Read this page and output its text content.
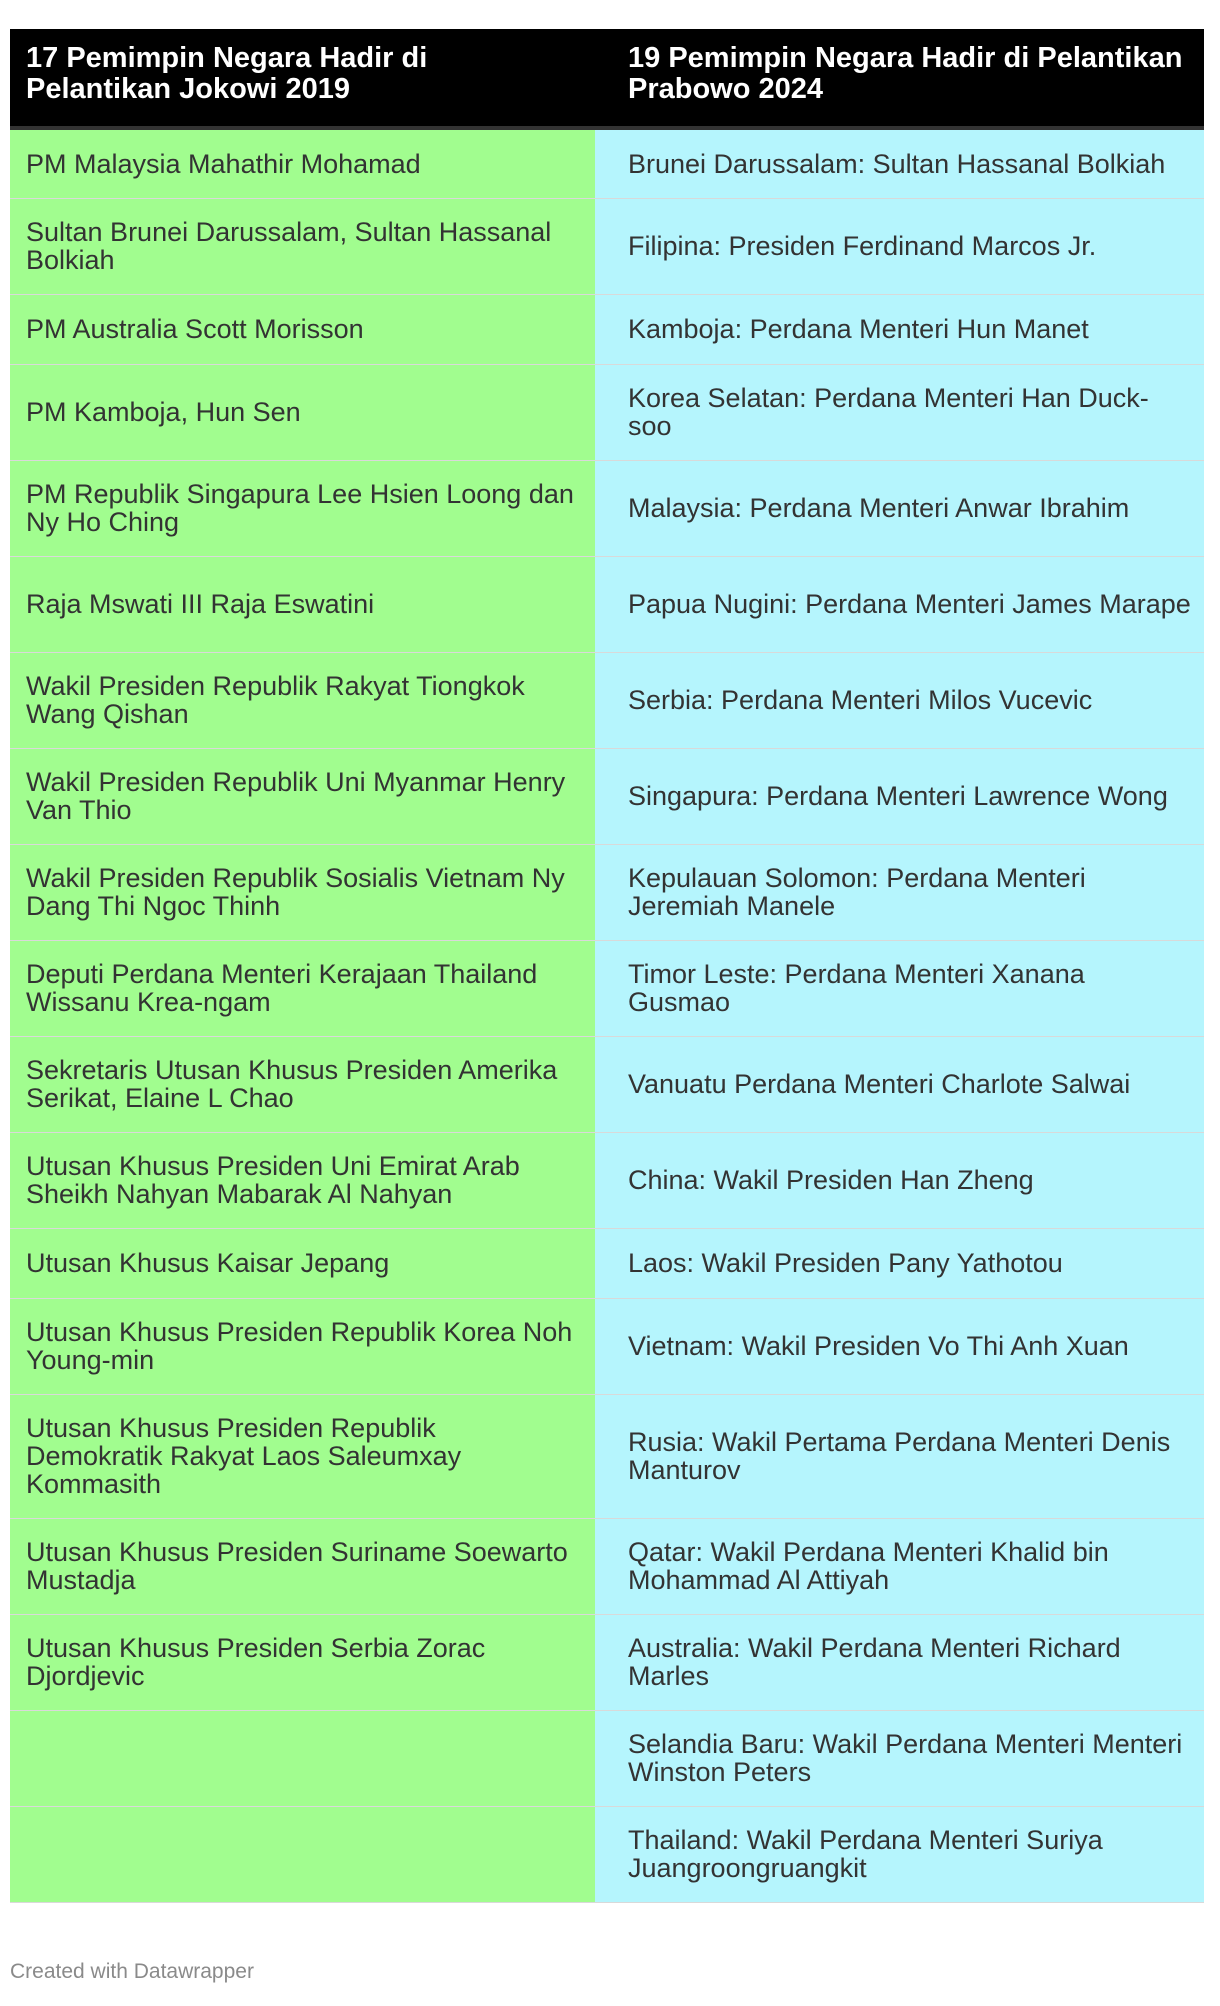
17 Pemimpin Negara Hadir di Pelantikan Jokowi 2019	19 Pemimpin Negara Hadir di Pelantikan Prabowo 2024
PM Malaysia Mahathir Mohamad	Brunei Darussalam: Sultan Hassanal Bolkiah
Sultan Brunei Darussalam, Sultan Hassanal Bolkiah	Filipina: Presiden Ferdinand Marcos Jr.
PM Australia Scott Morisson	Kamboja: Perdana Menteri Hun Manet
PM Kamboja, Hun Sen	Korea Selatan: Perdana Menteri Han Duck-soo
PM Republik Singapura Lee Hsien Loong dan Ny Ho Ching	Malaysia: Perdana Menteri Anwar Ibrahim
Raja Mswati III Raja Eswatini	Papua Nugini: Perdana Menteri James Marape
Wakil Presiden Republik Rakyat Tiongkok Wang Qishan	Serbia: Perdana Menteri Milos Vucevic
Wakil Presiden Republik Uni Myanmar Henry Van Thio	Singapura: Perdana Menteri Lawrence Wong
Wakil Presiden Republik Sosialis Vietnam Ny Dang Thi Ngoc Thinh	Kepulauan Solomon: Perdana Menteri Jeremiah Manele
Deputi Perdana Menteri Kerajaan Thailand Wissanu Krea-ngam	Timor Leste: Perdana Menteri Xanana Gusmao
Sekretaris Utusan Khusus Presiden Amerika Serikat, Elaine L Chao	Vanuatu Perdana Menteri Charlote Salwai
Utusan Khusus Presiden Uni Emirat Arab Sheikh Nahyan Mabarak Al Nahyan	China: Wakil Presiden Han Zheng
Utusan Khusus Kaisar Jepang	Laos: Wakil Presiden Pany Yathotou
Utusan Khusus Presiden Republik Korea Noh Young-min	Vietnam: Wakil Presiden Vo Thi Anh Xuan
Utusan Khusus Presiden Republik Demokratik Rakyat Laos Saleumxay Kommasith	Rusia: Wakil Pertama Perdana Menteri Denis Manturov
Utusan Khusus Presiden Suriname Soewarto Mustadja	Qatar: Wakil Perdana Menteri Khalid bin Mohammad Al Attiyah
Utusan Khusus Presiden Serbia Zorac Djordjevic	Australia: Wakil Perdana Menteri Richard Marles
	Selandia Baru: Wakil Perdana Menteri Menteri Winston Peters
	Thailand: Wakil Perdana Menteri Suriya Juangroongruangkit
Created with Datawrapper
